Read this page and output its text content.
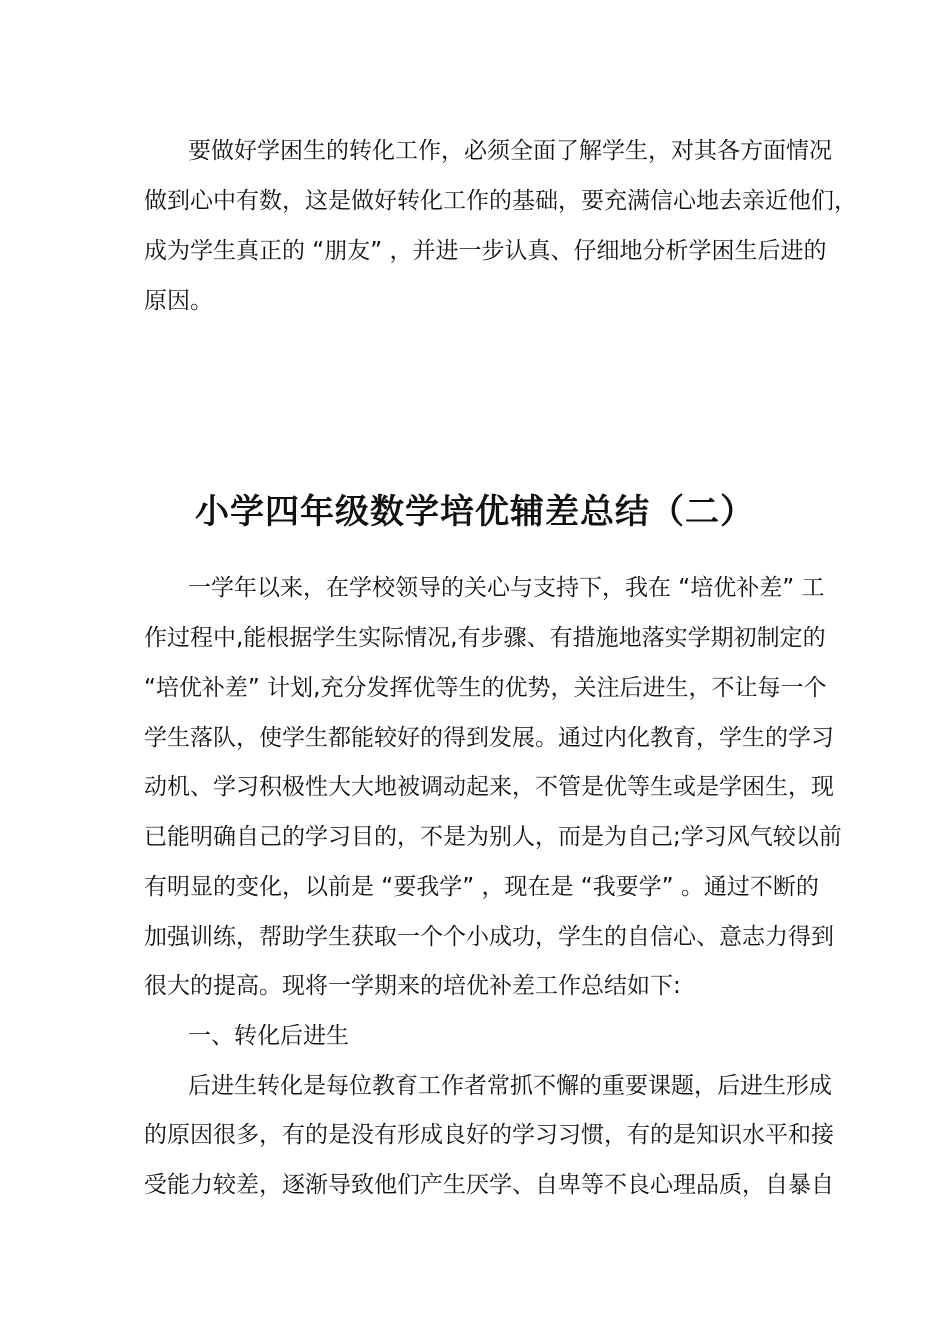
要做好学困生的转化工作，必须全面了解学生，对其各方面情况
做到心中有数，这是做好转化工作的基础，要充满信心地去亲近他们，
成为学生真正的 “朋友” ，并进一步认真、仔细地分析学困生后进的
原因。
小学四年级数学培优辅差总结（二）
一学年以来，在学校领导的关心与支持下，我在 “培优补差” 工
作过程中,能根据学生实际情况,有步骤、有措施地落实学期初制定的
“培优补差” 计划,充分发挥优等生的优势，关注后进生，不让每一个
学生落队，使学生都能较好的得到发展。通过内化教育，学生的学习
动机、学习积极性大大地被调动起来，不管是优等生或是学困生，现
已能明确自己的学习目的，不是为别人，而是为自己;学习风气较以前
有明显的变化，以前是 “要我学” ，现在是 “我要学” 。通过不断的
加强训练，帮助学生获取一个个小成功，学生的自信心、意志力得到
很大的提高。现将一学期来的培优补差工作总结如下:
一、转化后进生
后进生转化是每位教育工作者常抓不懈的重要课题，后进生形成
的原因很多，有的是没有形成良好的学习习惯，有的是知识水平和接
受能力较差，逐渐导致他们产生厌学、自卑等不良心理品质，自暴自
